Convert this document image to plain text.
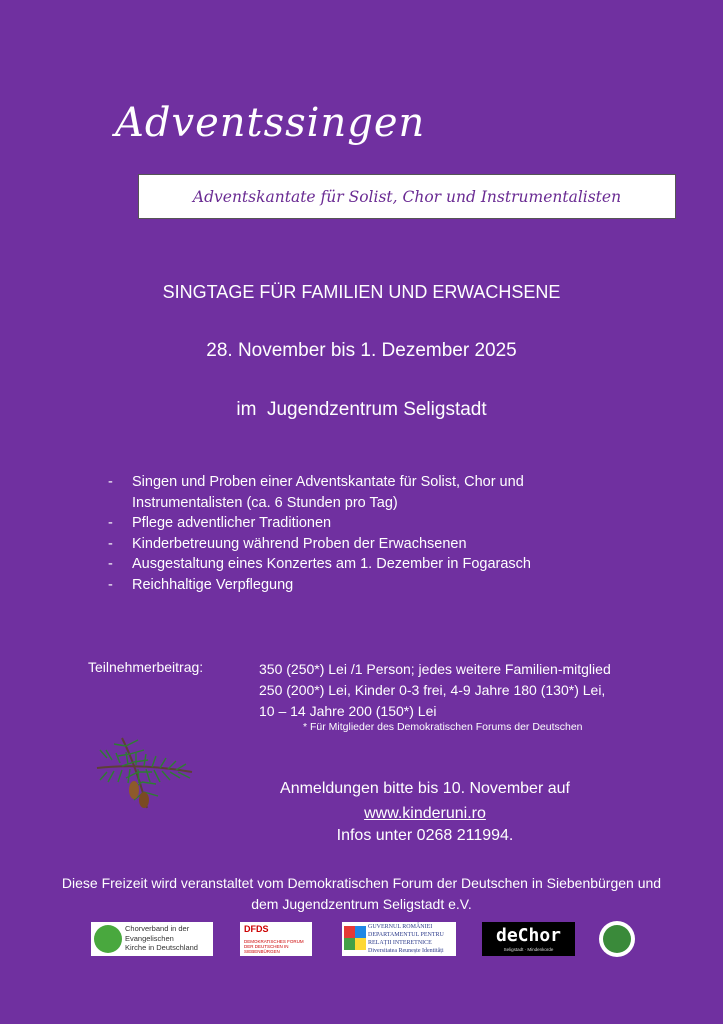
Adventssingen
Adventskantate für Solist, Chor und Instrumentalisten
SINGTAGE FÜR FAMILIEN UND ERWACHSENE
28. November bis 1. Dezember 2025
im  Jugendzentrum Seligstadt
- Singen und Proben einer Adventskantate für Solist, Chor und Instrumentalisten (ca. 6 Stunden pro Tag)
- Pflege adventlicher Traditionen
- Kinderbetreuung während Proben der Erwachsenen
- Ausgestaltung eines Konzertes am 1. Dezember in Fogarasch
- Reichhaltige Verpflegung
Teilnehmerbeitrag:	350 (250*) Lei /1 Person; jedes weitere Familien-mitglied 250 (200*) Lei, Kinder 0-3 frei, 4-9 Jahre 180 (130*) Lei, 10 – 14 Jahre 200 (150*) Lei
* Für Mitglieder des Demokratischen Forums der Deutschen
Anmeldungen bitte bis 10. November auf
www.kinderuni.ro
Infos unter 0268 211994.
Diese Freizeit wird veranstaltet vom Demokratischen Forum der Deutschen in Siebenbürgen und dem Jugendzentrum Seligstadt e.V.
Chorverband in der
Evangelischen
Kirche in Deutschland
DFDS
DEMOKRATISCHES FORUM DER DEUTSCHEN IN SIEBENBÜRGEN
GUVERNUL ROMÂNIEI
DEPARTAMENTUL PENTRU
RELAȚII INTERETNICE
Diversitatea Reunește Identități
deChor
Seligstadt · Mindenkorde
